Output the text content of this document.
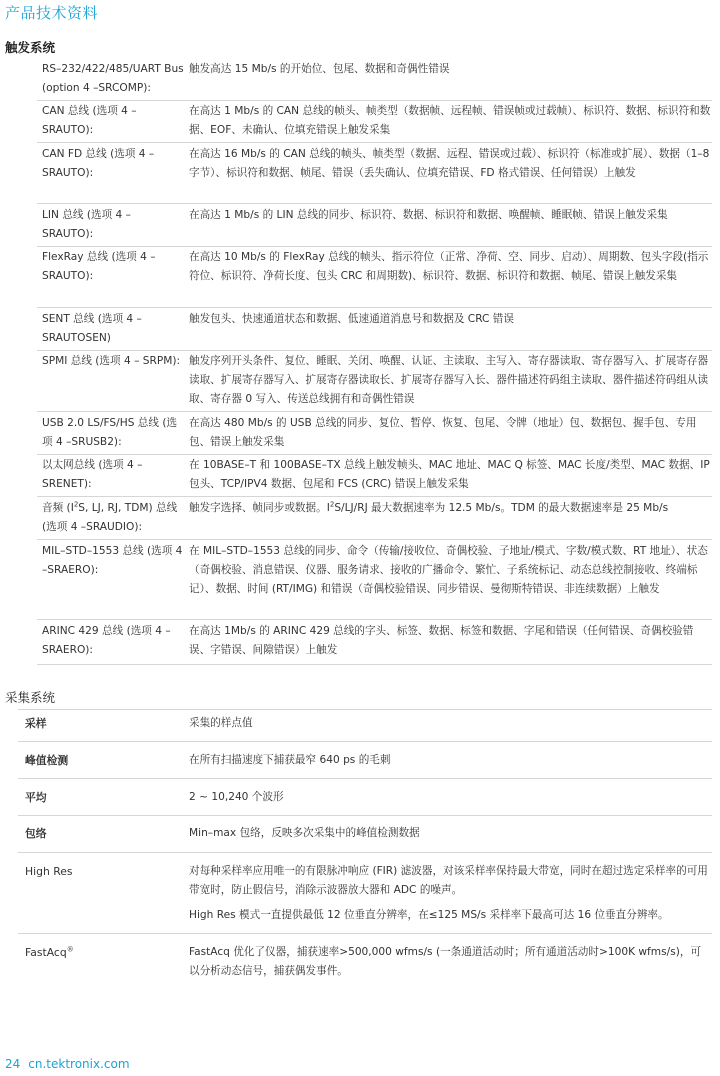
产品技术资料
触发系统
RS–232/422/485/UART Bus (option 4 –SRCOMP):
触发高达 15 Mb/s 的开始位、包尾、数据和奇偶性错误
CAN 总线 (选项 4 – SRAUTO):
在高达 1 Mb/s 的 CAN 总线的帧头、帧类型（数据帧、远程帧、错误帧或过载帧）、标识符、数据、标识符和数据、EOF、未确认、位填充错误上触发采集
CAN FD 总线 (选项 4 – SRAUTO):
在高达 16 Mb/s 的 CAN 总线的帧头、帧类型（数据、远程、错误或过载）、标识符（标准或扩展）、数据（1–8 字节）、标识符和数据、帧尾、错误（丢失确认、位填充错误、FD 格式错误、任何错误）上触发
LIN 总线 (选项 4 – SRAUTO):
在高达 1 Mb/s 的 LIN 总线的同步、标识符、数据、标识符和数据、唤醒帧、睡眠帧、错误上触发采集
FlexRay 总线 (选项 4 – SRAUTO):
在高达 10 Mb/s 的 FlexRay 总线的帧头、指示符位（正常、净荷、空、同步、启动）、周期数、包头字段(指示符位、标识符、净荷长度、包头 CRC 和周期数)、标识符、数据、标识符和数据、帧尾、错误上触发采集
SENT 总线 (选项 4 – SRAUTOSEN)
触发包头、快速通道状态和数据、低速通道消息号和数据及 CRC 错误
SPMI 总线 (选项 4 – SRPM): 触发序列开头条件、复位、睡眠、关闭、唤醒、认证、主读取、主写入、寄存器读取、寄存器写入、扩展寄存器读取、扩展寄存器写入、扩展寄存器读取长、扩展寄存器写入长、器件描述符码组主读取、器件描述符码组从读取、寄存器 0 写入、传送总线拥有和奇偶性错误
USB 2.0 LS/FS/HS 总线 (选项 4 –SRUSB2):
在高达 480 Mb/s 的 USB 总线的同步、复位、暂停、恢复、包尾、令牌（地址）包、数据包、握手包、专用包、错误上触发采集
以太网总线 (选项 4 – SRENET):
在 10BASE–T 和 100BASE–TX 总线上触发帧头、MAC 地址、MAC Q 标签、MAC 长度/类型、MAC 数据、IP 包头、TCP/IPV4 数据、包尾和 FCS (CRC) 错误上触发采集
音频 ($I^2S$, LJ, RJ, TDM) 总线 (选项 4 –SRAUDIO):
触发字选择、帧同步或数据。$I^2S/LJ/RJ$ 最大数据速率为 12.5 Mb/s。TDM 的最大数据速率是 25 Mb/s
MIL–STD–1553 总线 (选项 4 –SRAERO):
在 MIL–STD–1553 总线的同步、命令（传输/接收位、奇偶校验、子地址/模式、字数/模式数、RT 地址）、状态（奇偶校验、消息错误、仪器、服务请求、接收的广播命令、繁忙、子系统标记、动态总线控制接收、终端标记）、数据、时间 (RT/IMG) 和错误（奇偶校验错误、同步错误、曼彻斯特错误、非连续数据）上触发
ARINC 429 总线 (选项 4 – SRAERO):
在高达 1Mb/s 的 ARINC 429 总线的字头、标签、数据、标签和数据、字尾和错误（任何错误、奇偶校验错误、字错误、间隙错误）上触发
采集系统
采样	采集的样点值
峰值检测	在所有扫描速度下捕获最窄 640 ps 的毛刺
平均	2 ~ 10,240 个波形
包络	Min–max 包络，反映多次采集中的峰值检测数据
High Res	对每种采样率应用唯一的有限脉冲响应 (FIR) 滤波器，对该采样率保持最大带宽，同时在超过选定采样率的可用带宽时，防止假信号，消除示波器放大器和 ADC 的噪声。
High Res 模式一直提供最低 12 位垂直分辨率，在≤125 MS/s 采样率下最高可达 16 位垂直分辨率。
FastAcq®	FastAcq 优化了仪器，捕获速率>500,000 wfms/s (一条通道活动时；所有通道活动时>100K wfms/s)，可以分析动态信号，捕获偶发事件。
24 cn.tektronix.com
